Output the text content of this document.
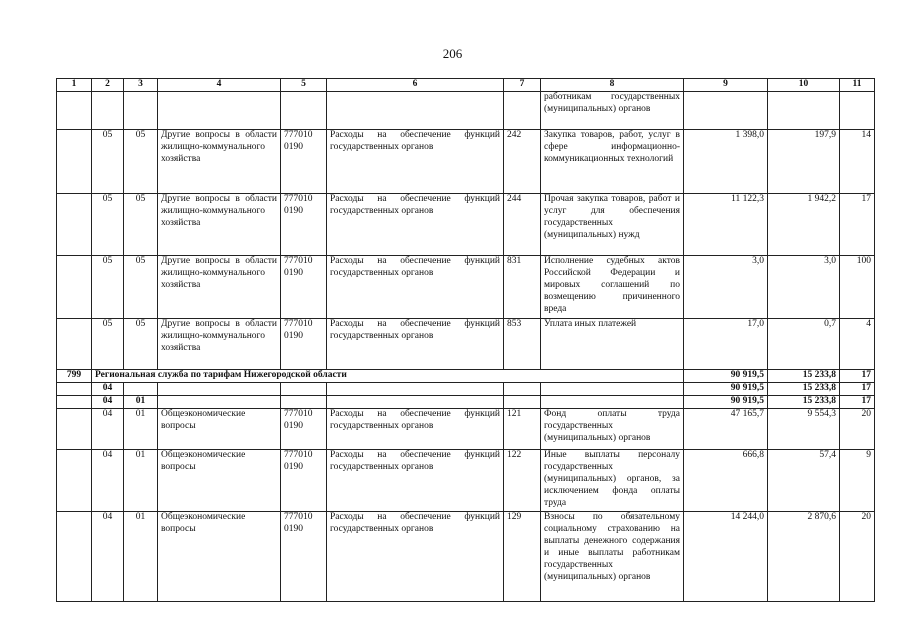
206
1	2	3	4	5	6	7	8	9	10	11
							работникам государственных (муниципальных) органов			
	05	05	Другие вопросы в области жилищно-коммунального хозяйства	777010 0190	Расходы на обеспечение функций государственных органов	242	Закупка товаров, работ, услуг в сфере информационно-коммуникационных технологий	1 398,0	197,9	14
	05	05	Другие вопросы в области жилищно-коммунального хозяйства	777010 0190	Расходы на обеспечение функций государственных органов	244	Прочая закупка товаров, работ и услуг для обеспечения государственных (муниципальных) нужд	11 122,3	1 942,2	17
	05	05	Другие вопросы в области жилищно-коммунального хозяйства	777010 0190	Расходы на обеспечение функций государственных органов	831	Исполнение судебных актов Российской Федерации и мировых соглашений по возмещению причиненного вреда	3,0	3,0	100
	05	05	Другие вопросы в области жилищно-коммунального хозяйства	777010 0190	Расходы на обеспечение функций государственных органов	853	Уплата иных платежей	17,0	0,7	4
799	Региональная служба по тарифам Нижегородской области							90 919,5	15 233,8	17
	04							90 919,5	15 233,8	17
	04	01						90 919,5	15 233,8	17
	04	01	Общеэкономические вопросы	777010 0190	Расходы на обеспечение функций государственных органов	121	Фонд оплаты труда государственных (муниципальных) органов	47 165,7	9 554,3	20
	04	01	Общеэкономические вопросы	777010 0190	Расходы на обеспечение функций государственных органов	122	Иные выплаты персоналу государственных (муниципальных) органов, за исключением фонда оплаты труда	666,8	57,4	9
	04	01	Общеэкономические вопросы	777010 0190	Расходы на обеспечение функций государственных органов	129	Взносы по обязательному социальному страхованию на выплаты денежного содержания и иные выплаты работникам государственных (муниципальных) органов	14 244,0	2 870,6	20
